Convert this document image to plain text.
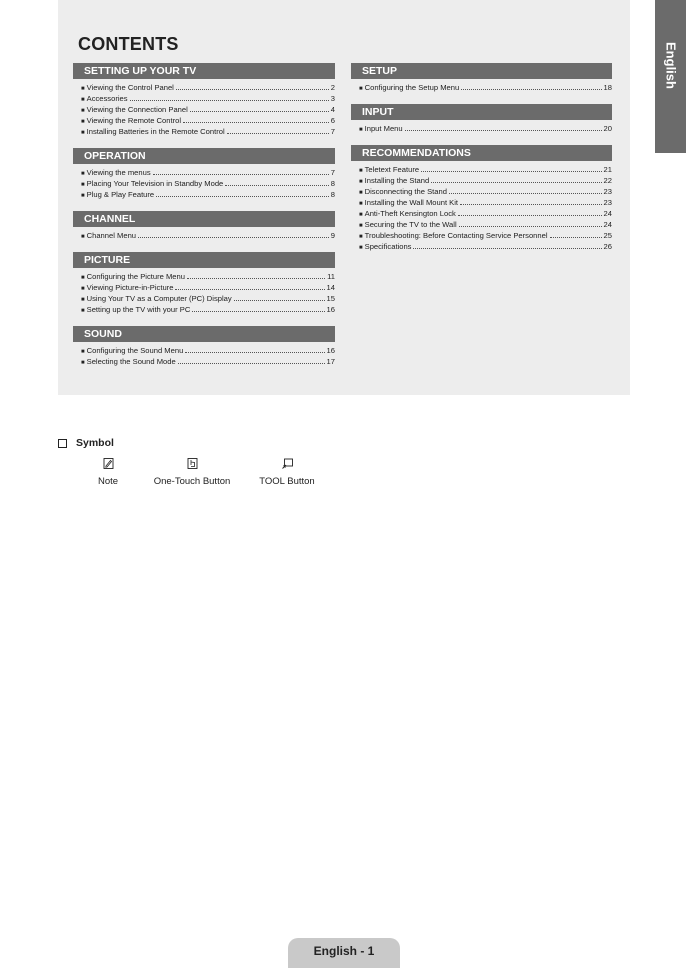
CONTENTS	English
SETTING UP YOUR TV
■ Viewing the Control Panel	2
■ Accessories	3
■ Viewing the Connection Panel	4
■ Viewing the Remote Control	6
■ Installing Batteries in the Remote Control	7
OPERATION
■ Viewing the menus	7
■ Placing Your Television in Standby Mode	8
■ Plug & Play Feature	8
CHANNEL
■ Channel Menu	9
PICTURE
■ Configuring the Picture Menu	11
■ Viewing Picture-in-Picture	14
■ Using Your TV as a Computer (PC) Display	15
■ Setting up the TV with your PC	16
SOUND
■ Configuring the Sound Menu	16
■ Selecting the Sound Mode	17
SETUP
■ Configuring the Setup Menu	18
INPUT
■ Input Menu	20
RECOMMENDATIONS
■ Teletext Feature	21
■ Installing the Stand	22
■ Disconnecting the Stand	23
■ Installing the Wall Mount Kit	23
■ Anti-Theft Kensington Lock	24
■ Securing the TV to the Wall	24
■ Troubleshooting: Before Contacting Service Personnel	25
■ Specifications	26
Symbol
Note	One-Touch Button	TOOL Button
English - 1
